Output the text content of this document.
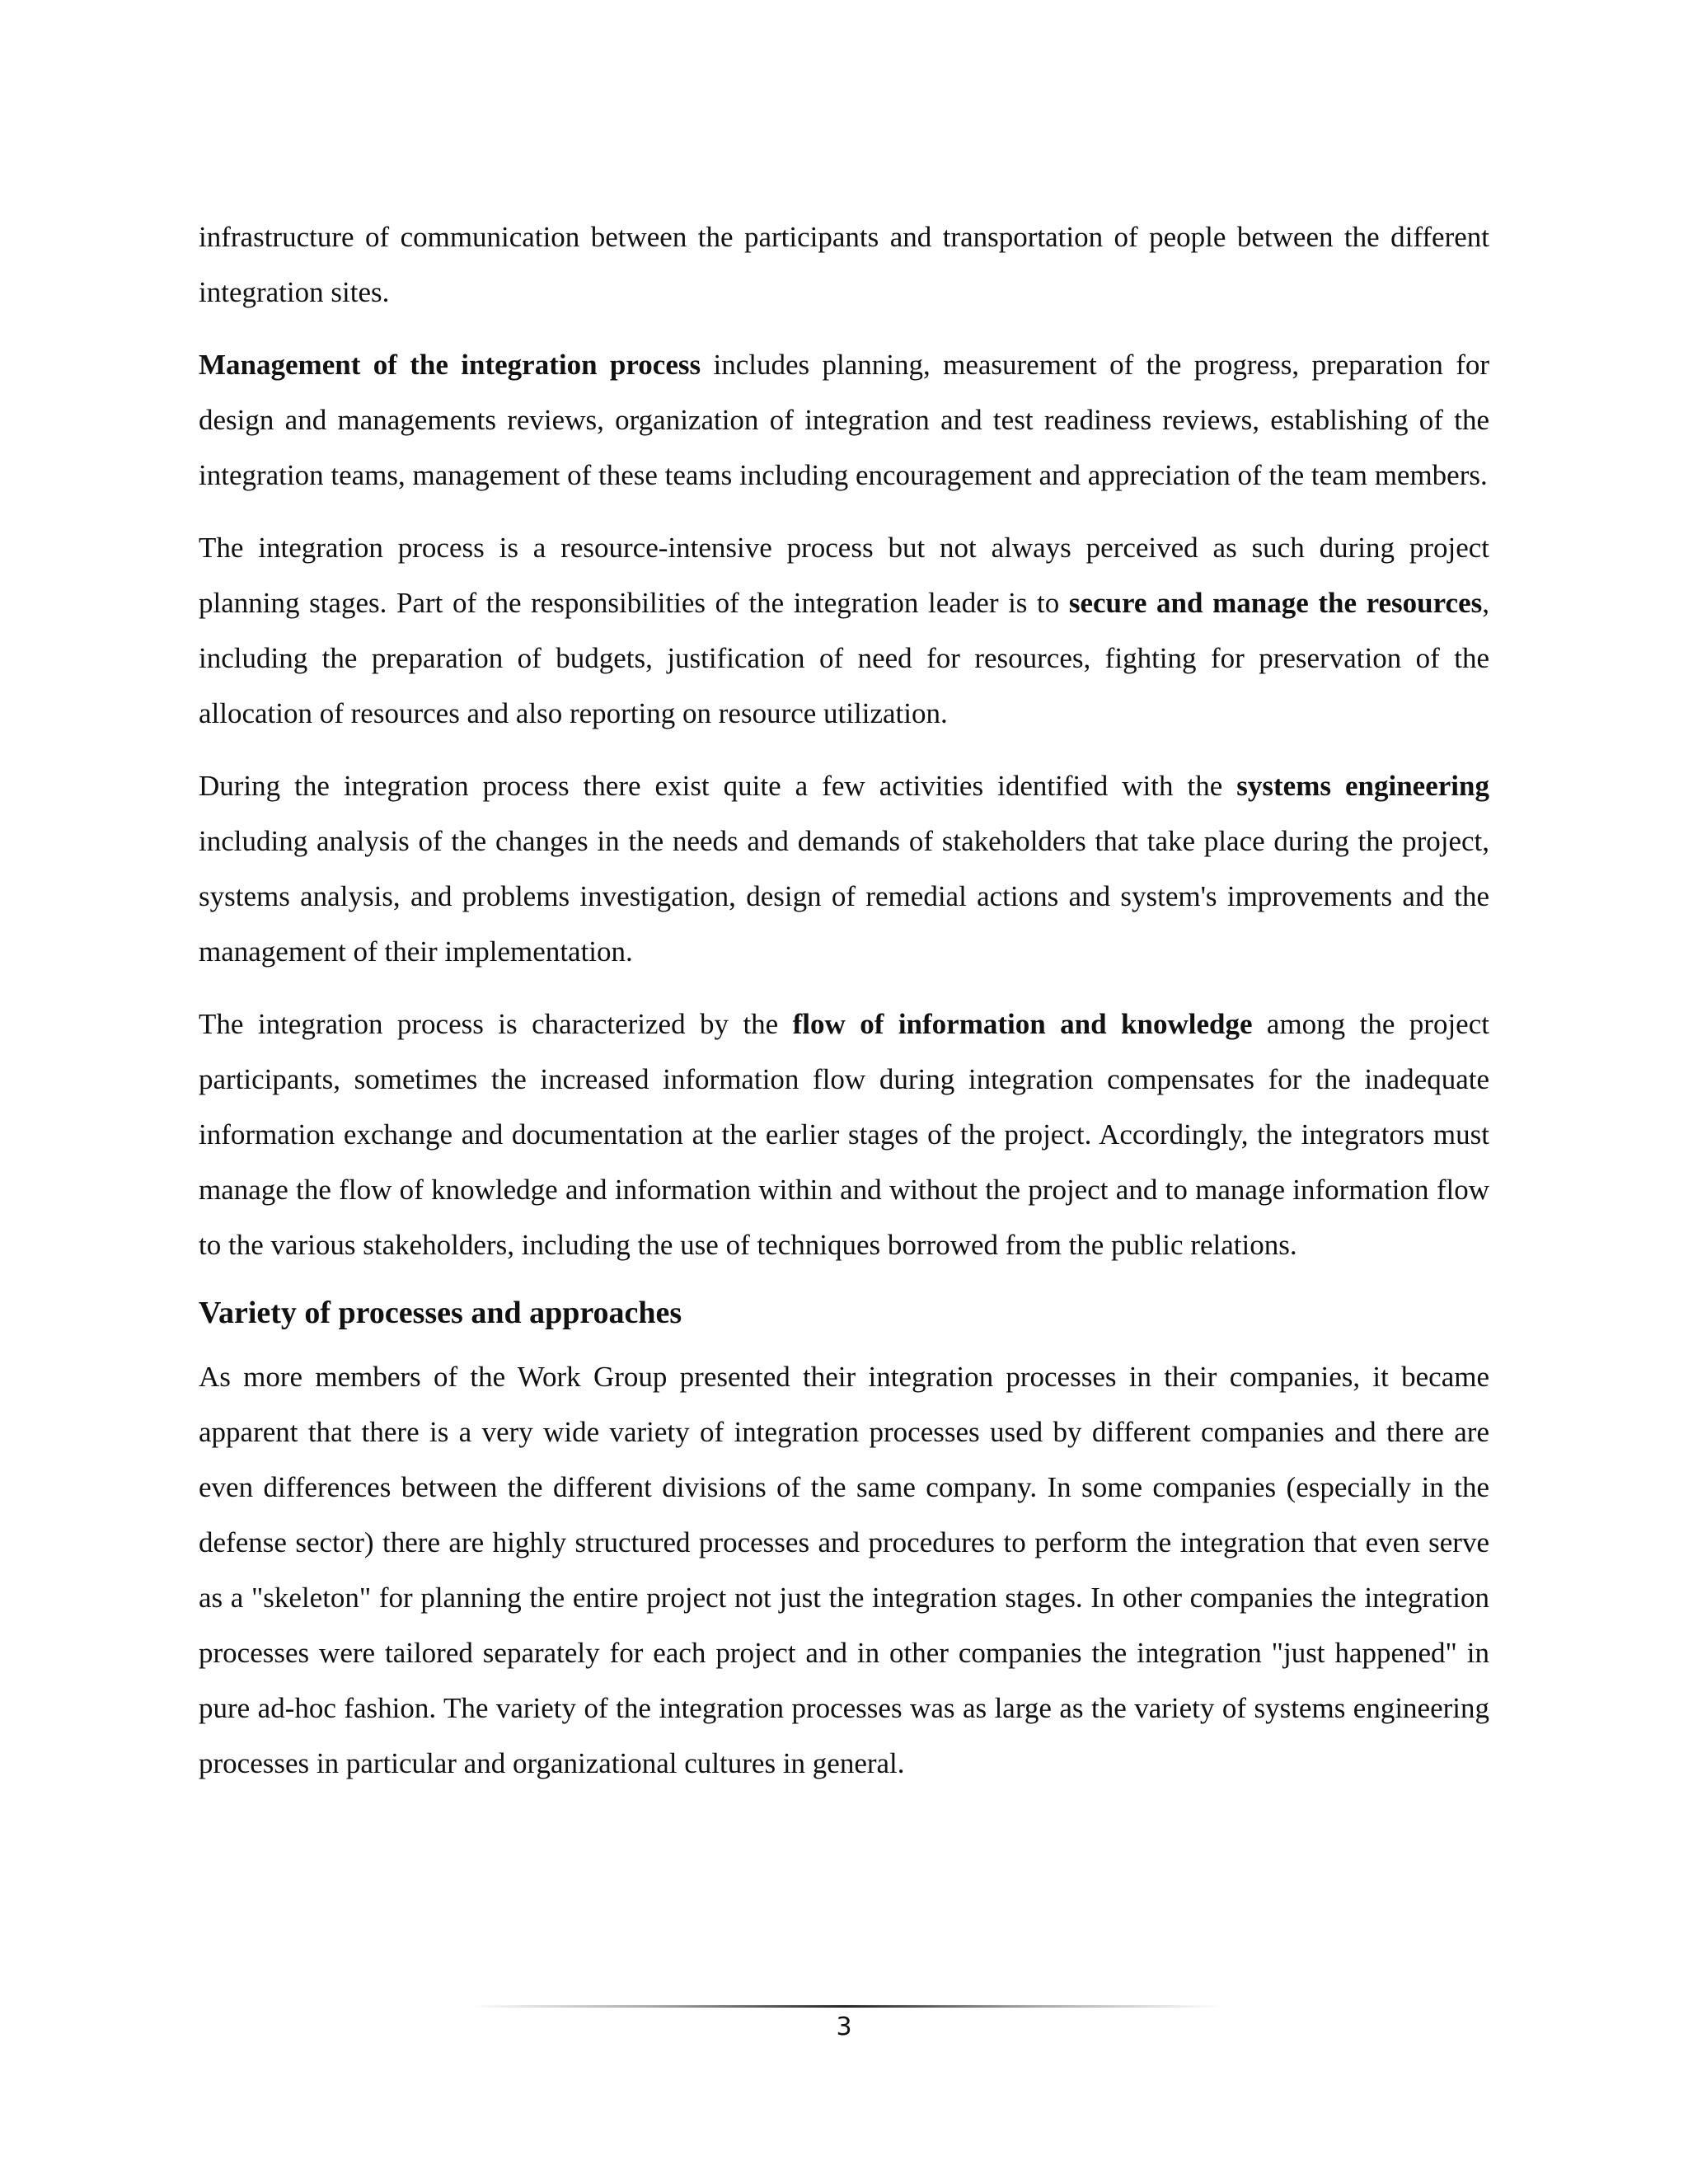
infrastructure of communication between the participants and transportation of people between the different integration sites.

Management of the integration process includes planning, measurement of the progress, preparation for design and managements reviews, organization of integration and test readiness reviews, establishing of the integration teams, management of these teams including encouragement and appreciation of the team members.

The integration process is a resource-intensive process but not always perceived as such during project planning stages. Part of the responsibilities of the integration leader is to secure and manage the resources, including the preparation of budgets, justification of need for resources, fighting for preservation of the allocation of resources and also reporting on resource utilization.

During the integration process there exist quite a few activities identified with the systems engineering including analysis of the changes in the needs and demands of stakeholders that take place during the project, systems analysis, and problems investigation, design of remedial actions and system's improvements and the management of their implementation.

The integration process is characterized by the flow of information and knowledge among the project participants, sometimes the increased information flow during integration compensates for the inadequate information exchange and documentation at the earlier stages of the project. Accordingly, the integrators must manage the flow of knowledge and information within and without the project and to manage information flow to the various stakeholders, including the use of techniques borrowed from the public relations.

Variety of processes and approaches

As more members of the Work Group presented their integration processes in their companies, it became apparent that there is a very wide variety of integration processes used by different companies and there are even differences between the different divisions of the same company. In some companies (especially in the defense sector) there are highly structured processes and procedures to perform the integration that even serve as a "skeleton" for planning the entire project not just the integration stages. In other companies the integration processes were tailored separately for each project and in other companies the integration "just happened" in pure ad-hoc fashion. The variety of the integration processes was as large as the variety of systems engineering processes in particular and organizational cultures in general.

3
